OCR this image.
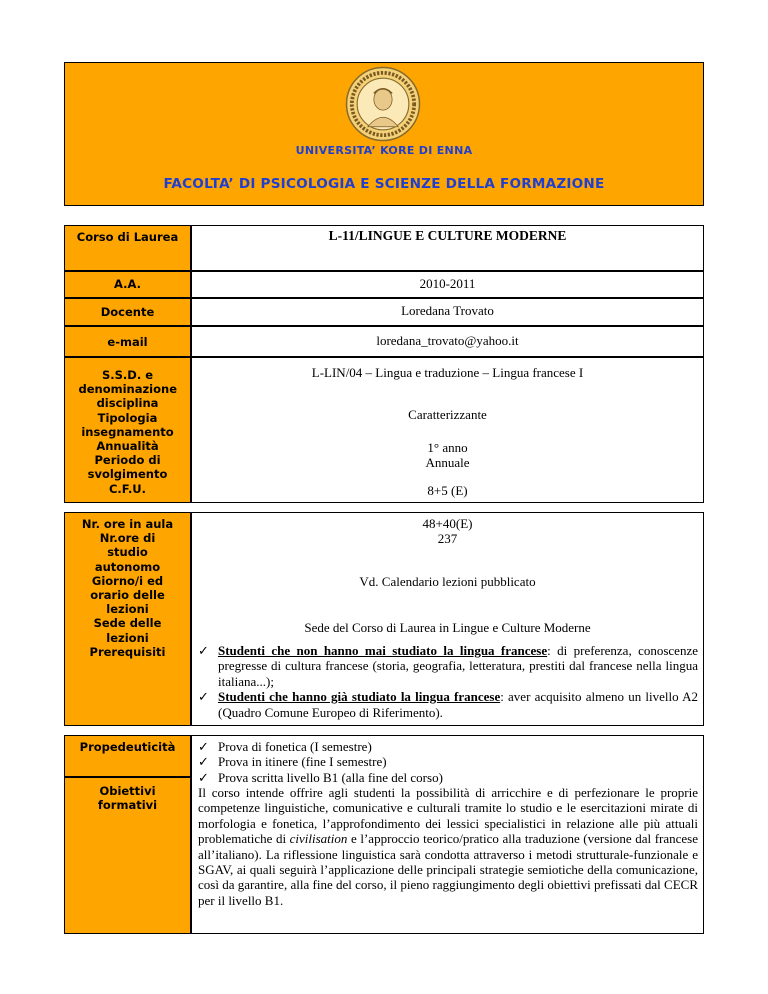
UNIVERSITA’ KORE DI ENNA
FACOLTA’ DI PSICOLOGIA E SCIENZE DELLA FORMAZIONE
Corso di Laurea
A.A.
Docente
e-mail
S.S.D. e denominazione disciplina
Tipologia insegnamento
Annualità
Periodo di svolgimento
C.F.U.
Nr. ore in aula
Nr.ore di studio autonomo
Giorno/i ed orario delle lezioni
Sede delle lezioni
Prerequisiti
Propedeuticità
Obiettivi formativi
L-11/LINGUE E CULTURE MODERNE
2010-2011
Loredana Trovato
loredana_trovato@yahoo.it
L-LIN/04 – Lingua e traduzione – Lingua francese I
Caratterizzante
1° anno
Annuale
8+5 (E)
48+40(E)
237
Vd. Calendario lezioni pubblicato
Sede del Corso di Laurea in Lingue e Culture Moderne
✓ Studenti che non hanno mai studiato la lingua francese: di preferenza, conoscenze pregresse di cultura francese (storia, geografia, letteratura, prestiti dal francese nella lingua italiana...);
✓ Studenti che hanno già studiato la lingua francese: aver acquisito almeno un livello A2 (Quadro Comune Europeo di Riferimento).
✓ Prova di fonetica (I semestre)
✓ Prova in itinere (fine I semestre)
✓ Prova scritta livello B1 (alla fine del corso)
Il corso intende offrire agli studenti la possibilità di arricchire e di perfezionare le proprie competenze linguistiche, comunicative e culturali tramite lo studio e le esercitazioni mirate di morfologia e fonetica, l’approfondimento dei lessici specialistici in relazione alle più attuali problematiche di civilisation e l’approccio teorico/pratico alla traduzione (versione dal francese all’italiano). La riflessione linguistica sarà condotta attraverso i metodi strutturale-funzionale e SGAV, ai quali seguirà l’applicazione delle principali strategie semiotiche della comunicazione, così da garantire, alla fine del corso, il pieno raggiungimento degli obiettivi prefissati dal CECR per il livello B1.
